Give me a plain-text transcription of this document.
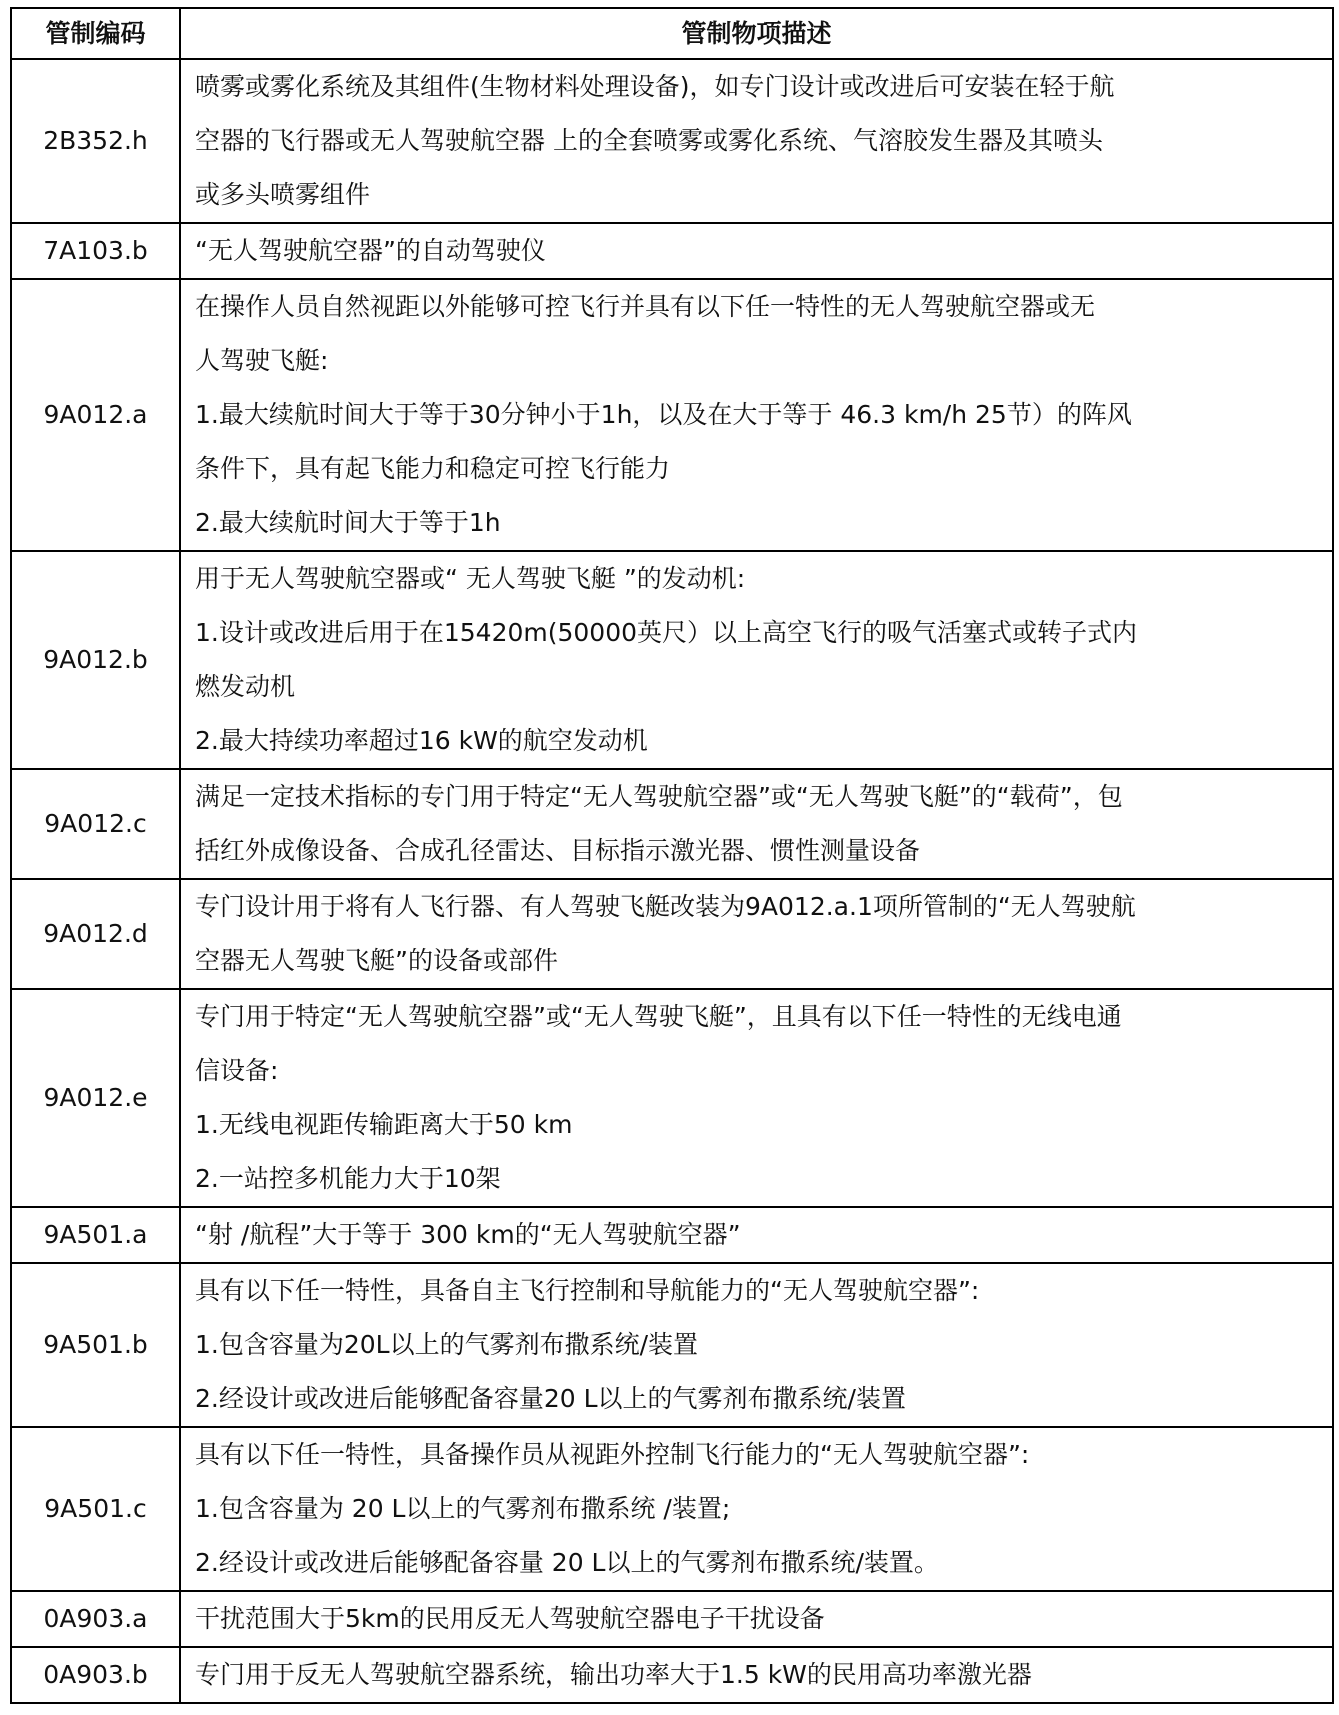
管制编码	管制物项描述
2B352.h	喷雾或雾化系统及其组件(生物材料处理设备)，如专门设计或改进后可安装在轻于航
空器的飞行器或无人驾驶航空器 上的全套喷雾或雾化系统、气溶胶发生器及其喷头
或多头喷雾组件

7A103.b	“无人驾驶航空器”的自动驾驶仪

9A012.a	在操作人员自然视距以外能够可控飞行并具有以下任一特性的无人驾驶航空器或无
人驾驶飞艇:
1.最大续航时间大于等于30分钟小于1h，以及在大于等于 46.3 km/h 25节）的阵风
条件下，具有起飞能力和稳定可控飞行能力
2.最大续航时间大于等于1h

9A012.b	用于无人驾驶航空器或“ 无人驾驶飞艇 ”的发动机:
1.设计或改进后用于在15420m(50000英尺）以上高空飞行的吸气活塞式或转子式内
燃发动机
2.最大持续功率超过16 kW的航空发动机

9A012.c	满足一定技术指标的专门用于特定“无人驾驶航空器”或“无人驾驶飞艇”的“载荷”，包
括红外成像设备、合成孔径雷达、目标指示激光器、惯性测量设备

9A012.d	专门设计用于将有人飞行器、有人驾驶飞艇改装为9A012.a.1项所管制的“无人驾驶航
空器无人驾驶飞艇”的设备或部件

9A012.e	专门用于特定“无人驾驶航空器”或“无人驾驶飞艇”，且具有以下任一特性的无线电通
信设备:
1.无线电视距传输距离大于50 km
2.一站控多机能力大于10架

9A501.a	“射 /航程”大于等于 300 km的“无人驾驶航空器”

9A501.b	具有以下任一特性，具备自主飞行控制和导航能力的“无人驾驶航空器”:
1.包含容量为20L以上的气雾剂布撒系统/装置
2.经设计或改进后能够配备容量20 L以上的气雾剂布撒系统/装置

9A501.c	具有以下任一特性，具备操作员从视距外控制飞行能力的“无人驾驶航空器”:
1.包含容量为 20 L以上的气雾剂布撒系统 /装置;
2.经设计或改进后能够配备容量 20 L以上的气雾剂布撒系统/装置。

0A903.a	干扰范围大于5km的民用反无人驾驶航空器电子干扰设备

0A903.b	专门用于反无人驾驶航空器系统，输出功率大于1.5 kW的民用高功率激光器
